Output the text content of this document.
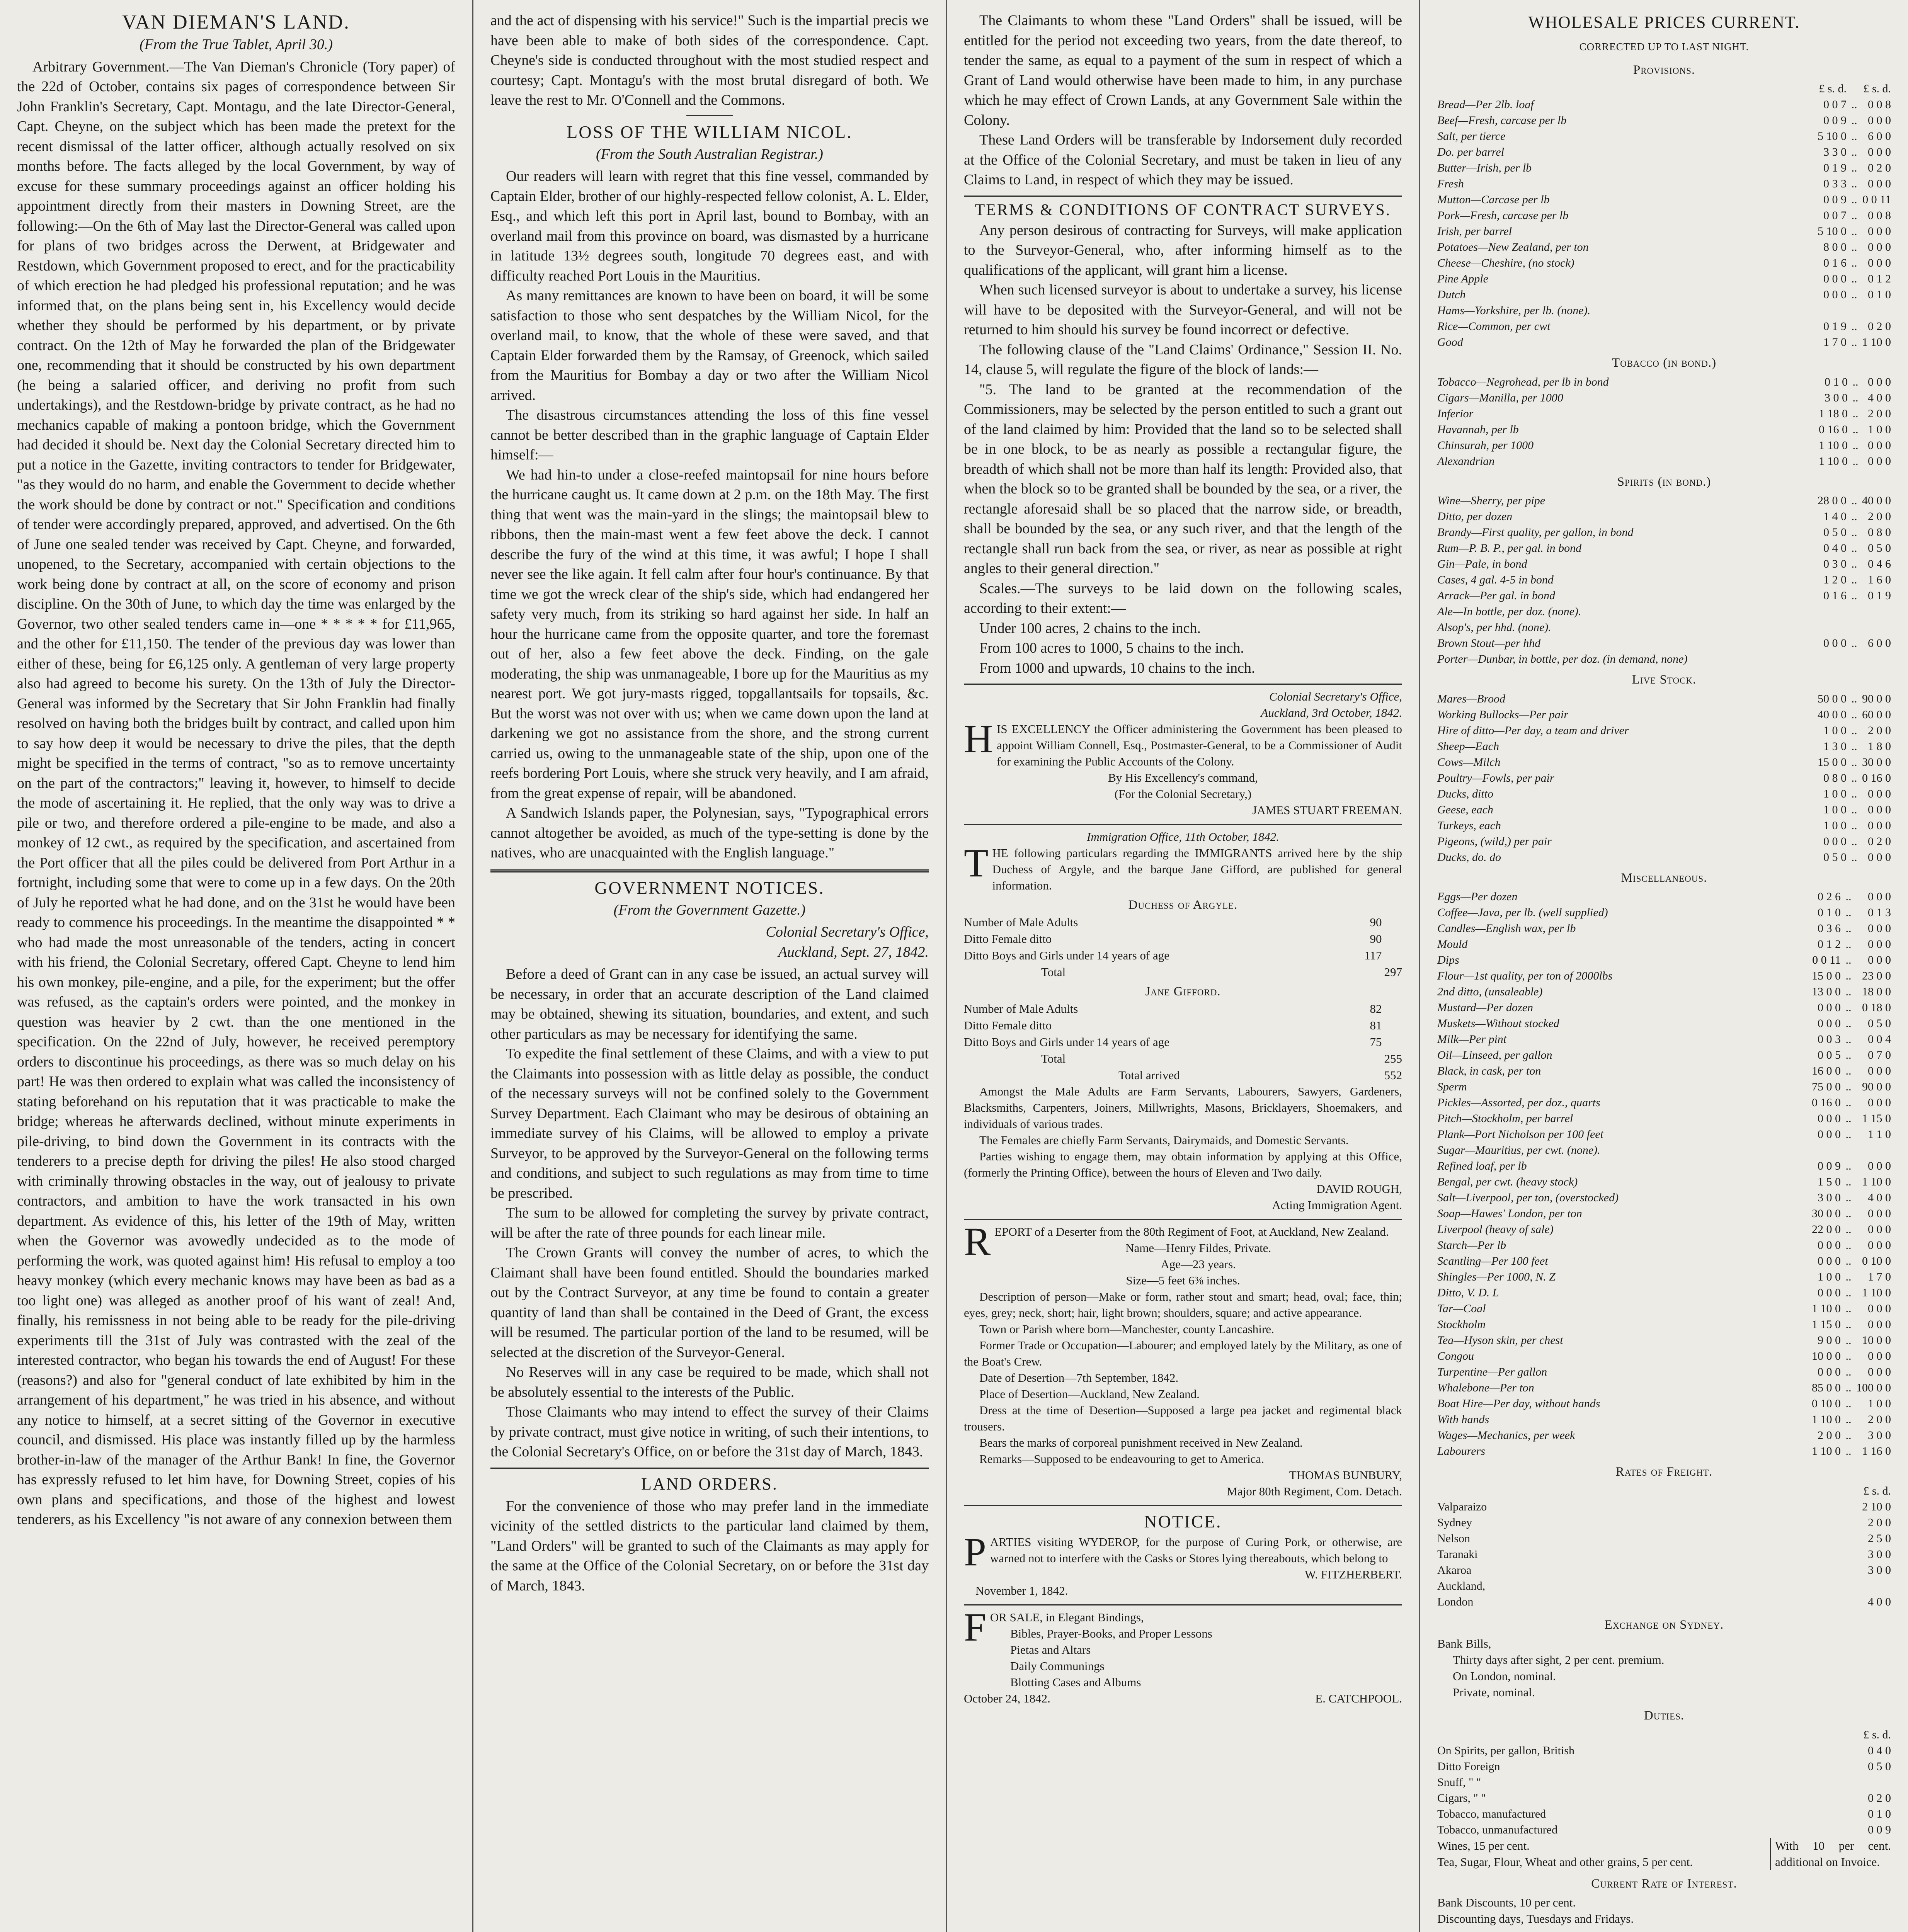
VAN DIEMAN'S LAND.
(From the True Tablet, April 30.)

Arbitrary Government.—The Van Dieman's Chronicle (Tory paper) of the 22d of October, contains six pages of correspondence between Sir John Franklin's Secretary, Capt. Montagu, and the late Director-General, Capt. Cheyne, on the subject which has been made the pretext for the recent dismissal of the latter officer, although actually resolved on six months before. The facts alleged by the local Government, by way of excuse for these summary proceedings against an officer holding his appointment directly from their masters in Downing Street, are the following:—On the 6th of May last the Director-General was called upon for plans of two bridges across the Derwent, at Bridgewater and Restdown, which Government proposed to erect, and for the practicability of which erection he had pledged his professional reputation; and he was informed that, on the plans being sent in, his Excellency would decide whether they should be performed by his department, or by private contract. On the 12th of May he forwarded the plan of the Bridgewater one, recommending that it should be constructed by his own department (he being a salaried officer, and deriving no profit from such undertakings), and the Restdown-bridge by private contract, as he had no mechanics capable of making a pontoon bridge, which the Government had decided it should be. Next day the Colonial Secretary directed him to put a notice in the Gazette, inviting contractors to tender for Bridgewater, "as they would do no harm, and enable the Government to decide whether the work should be done by contract or not." Specification and conditions of tender were accordingly prepared, approved, and advertised. On the 6th of June one sealed tender was received by Capt. Cheyne, and forwarded, unopened, to the Secretary, accompanied with certain objections to the work being done by contract at all, on the score of economy and prison discipline. On the 30th of June, to which day the time was enlarged by the Governor, two other sealed tenders came in—one * * * * * for £11,965, and the other for £11,150. The tender of the previous day was lower than either of these, being for £6,125 only. A gentleman of very large property also had agreed to become his surety. On the 13th of July the Director-General was informed by the Secretary that Sir John Franklin had finally resolved on having both the bridges built by contract, and called upon him to say how deep it would be necessary to drive the piles, that the depth might be specified in the terms of contract, "so as to remove uncertainty on the part of the contractors;" leaving it, however, to himself to decide the mode of ascertaining it. He replied, that the only way was to drive a pile or two, and therefore ordered a pile-engine to be made, and also a monkey of 12 cwt., as required by the specification, and ascertained from the Port officer that all the piles could be delivered from Port Arthur in a fortnight, including some that were to come up in a few days. On the 20th of July he reported what he had done, and on the 31st he would have been ready to commence his proceedings. In the meantime the disappointed * * who had made the most unreasonable of the tenders, acting in concert with his friend, the Colonial Secretary, offered Capt. Cheyne to lend him his own monkey, pile-engine, and a pile, for the experiment; but the offer was refused, as the captain's orders were pointed, and the monkey in question was heavier by 2 cwt. than the one mentioned in the specification. On the 22nd of July, however, he received peremptory orders to discontinue his proceedings, as there was so much delay on his part! He was then ordered to explain what was called the inconsistency of stating beforehand on his reputation that it was practicable to make the bridge; whereas he afterwards declined, without minute experiments in pile-driving, to bind down the Government in its contracts with the tenderers to a precise depth for driving the piles! He also stood charged with criminally throwing obstacles in the way, out of jealousy to private contractors, and ambition to have the work transacted in his own department. As evidence of this, his letter of the 19th of May, written when the Governor was avowedly undecided as to the mode of performing the work, was quoted against him! His refusal to employ a too heavy monkey (which every mechanic knows may have been as bad as a too light one) was alleged as another proof of his want of zeal! And, finally, his remissness in not being able to be ready for the pile-driving experiments till the 31st of July was contrasted with the zeal of the interested contractor, who began his towards the end of August! For these (reasons?) and also for "general conduct of late exhibited by him in the arrangement of his department," he was tried in his absence, and without any notice to himself, at a secret sitting of the Governor in executive council, and dismissed. His place was instantly filled up by the harmless brother-in-law of the manager of the Arthur Bank! In fine, the Governor has expressly refused to let him have, for Downing Street, copies of his own plans and specifications, and those of the highest and lowest tenderers, as his Excellency "is not aware of any connexion between them

and the act of dispensing with his service!" Such is the impartial precis we have been able to make of both sides of the correspondence. Capt. Cheyne's side is conducted throughout with the most studied respect and courtesy; Capt. Montagu's with the most brutal disregard of both. We leave the rest to Mr. O'Connell and the Commons.

LOSS OF THE WILLIAM NICOL.
(From the South Australian Registrar.)

Our readers will learn with regret that this fine vessel, commanded by Captain Elder, brother of our highly-respected fellow colonist, A. L. Elder, Esq., and which left this port in April last, bound to Bombay, with an overland mail from this province on board, was dismasted by a hurricane in latitude 13½ degrees south, longitude 70 degrees east, and with difficulty reached Port Louis in the Mauritius.

As many remittances are known to have been on board, it will be some satisfaction to those who sent despatches by the William Nicol, for the overland mail, to know, that the whole of these were saved, and that Captain Elder forwarded them by the Ramsay, of Greenock, which sailed from the Mauritius for Bombay a day or two after the William Nicol arrived.

The disastrous circumstances attending the loss of this fine vessel cannot be better described than in the graphic language of Captain Elder himself:—

We had hin-to under a close-reefed maintopsail for nine hours before the hurricane caught us. It came down at 2 p.m. on the 18th May. The first thing that went was the main-yard in the slings; the maintopsail blew to ribbons, then the main-mast went a few feet above the deck. I cannot describe the fury of the wind at this time, it was awful; I hope I shall never see the like again. It fell calm after four hour's continuance. By that time we got the wreck clear of the ship's side, which had endangered her safety very much, from its striking so hard against her side. In half an hour the hurricane came from the opposite quarter, and tore the foremast out of her, also a few feet above the deck. Finding, on the gale moderating, the ship was unmanageable, I bore up for the Mauritius as my nearest port. We got jury-masts rigged, topgallantsails for topsails, &c. But the worst was not over with us; when we came down upon the land at darkening we got no assistance from the shore, and the strong current carried us, owing to the unmanageable state of the ship, upon one of the reefs bordering Port Louis, where she struck very heavily, and I am afraid, from the great expense of repair, will be abandoned.

A Sandwich Islands paper, the Polynesian, says, "Typographical errors cannot altogether be avoided, as much of the type-setting is done by the natives, who are unacquainted with the English language."

GOVERNMENT NOTICES.
(From the Government Gazette.)
Colonial Secretary's Office,
Auckland, Sept. 27, 1842.

Before a deed of Grant can in any case be issued, an actual survey will be necessary, in order that an accurate description of the Land claimed may be obtained, shewing its situation, boundaries, and extent, and such other particulars as may be necessary for identifying the same.

To expedite the final settlement of these Claims, and with a view to put the Claimants into possession with as little delay as possible, the conduct of the necessary surveys will not be confined solely to the Government Survey Department. Each Claimant who may be desirous of obtaining an immediate survey of his Claims, will be allowed to employ a private Surveyor, to be approved by the Surveyor-General on the following terms and conditions, and subject to such regulations as may from time to time be prescribed.

The sum to be allowed for completing the survey by private contract, will be after the rate of three pounds for each linear mile.

The Crown Grants will convey the number of acres, to which the Claimant shall have been found entitled. Should the boundaries marked out by the Contract Surveyor, at any time be found to contain a greater quantity of land than shall be contained in the Deed of Grant, the excess will be resumed. The particular portion of the land to be resumed, will be selected at the discretion of the Surveyor-General.

No Reserves will in any case be required to be made, which shall not be absolutely essential to the interests of the Public.

Those Claimants who may intend to effect the survey of their Claims by private contract, must give notice in writing, of such their intentions, to the Colonial Secretary's Office, on or before the 31st day of March, 1843.

LAND ORDERS.

For the convenience of those who may prefer land in the immediate vicinity of the settled districts to the particular land claimed by them, "Land Orders" will be granted to such of the Claimants as may apply for the same at the Office of the Colonial Secretary, on or before the 31st day of March, 1843.

The Claimants to whom these "Land Orders" shall be issued, will be entitled for the period not exceeding two years, from the date thereof, to tender the same, as equal to a payment of the sum in respect of which a Grant of Land would otherwise have been made to him, in any purchase which he may effect of Crown Lands, at any Government Sale within the Colony.

These Land Orders will be transferable by Indorsement duly recorded at the Office of the Colonial Secretary, and must be taken in lieu of any Claims to Land, in respect of which they may be issued.

TERMS & CONDITIONS OF CONTRACT SURVEYS.

Any person desirous of contracting for Surveys, will make application to the Surveyor-General, who, after informing himself as to the qualifications of the applicant, will grant him a license.

When such licensed surveyor is about to undertake a survey, his license will have to be deposited with the Surveyor-General, and will not be returned to him should his survey be found incorrect or defective.

The following clause of the "Land Claims' Ordinance," Session II. No. 14, clause 5, will regulate the figure of the block of lands:—

"5. The land to be granted at the recommendation of the Commissioners, may be selected by the person entitled to such a grant out of the land claimed by him: Provided that the land so to be selected shall be in one block, to be as nearly as possible a rectangular figure, the breadth of which shall not be more than half its length: Provided also, that when the block so to be granted shall be bounded by the sea, or a river, the rectangle aforesaid shall be so placed that the narrow side, or breadth, shall be bounded by the sea, or any such river, and that the length of the rectangle shall run back from the sea, or river, as near as possible at right angles to their general direction."

Scales.—The surveys to be laid down on the following scales, according to their extent:—

Under 100 acres, 2 chains to the inch.

From 100 acres to 1000, 5 chains to the inch.

From 1000 and upwards, 10 chains to the inch.

Colonial Secretary's Office,
Auckland, 3rd October, 1842.

HIS EXCELLENCY the Officer administering the Government has been pleased to appoint William Connell, Esq., Postmaster-General, to be a Commissioner of Audit for examining the Public Accounts of the Colony.

By His Excellency's command,
(For the Colonial Secretary,)
JAMES STUART FREEMAN.
Immigration Office, 11th October, 1842.

THE following particulars regarding the IMMIGRANTS arrived here by the ship Duchess of Argyle, and the barque Jane Gifford, are published for general information.

Duchess of Argyle.
Number of Male Adults	90	
Ditto Female ditto	90	
Ditto Boys and Girls under 14 years of age	117	
Total		297
Jane Gifford.
Number of Male Adults	82	
Ditto Female ditto	81	
Ditto Boys and Girls under 14 years of age	75	
Total		255
Total arrived		552

Amongst the Male Adults are Farm Servants, Labourers, Sawyers, Gardeners, Blacksmiths, Carpenters, Joiners, Millwrights, Masons, Bricklayers, Shoemakers, and individuals of various trades.

The Females are chiefly Farm Servants, Dairymaids, and Domestic Servants.

Parties wishing to engage them, may obtain information by applying at this Office, (formerly the Printing Office), between the hours of Eleven and Two daily.

DAVID ROUGH,
Acting Immigration Agent.

REPORT of a Deserter from the 80th Regiment of Foot, at Auckland, New Zealand.

Name—Henry Fildes, Private.
Age—23 years.
Size—5 feet 6⅜ inches.

Description of person—Make or form, rather stout and smart; head, oval; face, thin; eyes, grey; neck, short; hair, light brown; shoulders, square; and active appearance.

Town or Parish where born—Manchester, county Lancashire.

Former Trade or Occupation—Labourer; and employed lately by the Military, as one of the Boat's Crew.

Date of Desertion—7th September, 1842.

Place of Desertion—Auckland, New Zealand.

Dress at the time of Desertion—Supposed a large pea jacket and regimental black trousers.

Bears the marks of corporeal punishment received in New Zealand.

Remarks—Supposed to be endeavouring to get to America.

THOMAS BUNBURY,
Major 80th Regiment, Com. Detach.
NOTICE.

PARTIES visiting WYDEROP, for the purpose of Curing Pork, or otherwise, are warned not to interfere with the Casks or Stores lying thereabouts, which belong to

W. FITZHERBERT.
November 1, 1842.

FOR SALE, in Elegant Bindings,

Bibles, Prayer-Books, and Proper Lessons
Pietas and Altars
Daily Communings
Blotting Cases and Albums
October 24, 1842.	E. CATCHPOOL.
WHOLESALE PRICES CURRENT.
CORRECTED UP TO LAST NIGHT.
Provisions.
	£ s. d.		£ s. d.
Bread—Per 2lb. loaf	0 0 7	..	0 0 8
Beef—Fresh, carcase per lb	0 0 9	..	0 0 0
Salt, per tierce	5 10 0	..	6 0 0
Do. per barrel	3 3 0	..	0 0 0
Butter—Irish, per lb	0 1 9	..	0 2 0
Fresh	0 3 3	..	0 0 0
Mutton—Carcase per lb	0 0 9	..	0 0 11
Pork—Fresh, carcase per lb	0 0 7	..	0 0 8
Irish, per barrel	5 10 0	..	0 0 0
Potatoes—New Zealand, per ton	8 0 0	..	0 0 0
Cheese—Cheshire, (no stock)	0 1 6	..	0 0 0
Pine Apple	0 0 0	..	0 1 2
Dutch	0 0 0	..	0 1 0
Hams—Yorkshire, per lb. (none).			
Rice—Common, per cwt	0 1 9	..	0 2 0
Good	1 7 0	..	1 10 0
Tobacco (in bond.)
Tobacco—Negrohead, per lb in bond	0 1 0	..	0 0 0
Cigars—Manilla, per 1000	3 0 0	..	4 0 0
Inferior	1 18 0	..	2 0 0
Havannah, per lb	0 16 0	..	1 0 0
Chinsurah, per 1000	1 10 0	..	0 0 0
Alexandrian	1 10 0	..	0 0 0
Spirits (in bond.)
Wine—Sherry, per pipe	28 0 0	..	40 0 0
Ditto, per dozen	1 4 0	..	2 0 0
Brandy—First quality, per gallon, in bond	0 5 0	..	0 8 0
Rum—P. B. P., per gal. in bond	0 4 0	..	0 5 0
Gin—Pale, in bond	0 3 0	..	0 4 6
Cases, 4 gal. 4-5 in bond	1 2 0	..	1 6 0
Arrack—Per gal. in bond	0 1 6	..	0 1 9
Ale—In bottle, per doz. (none).			
Alsop's, per hhd. (none).			
Brown Stout—per hhd	0 0 0	..	6 0 0
Porter—Dunbar, in bottle, per doz. (in demand, none)			
Live Stock.
Mares—Brood	50 0 0	..	90 0 0
Working Bullocks—Per pair	40 0 0	..	60 0 0
Hire of ditto—Per day, a team and driver	1 0 0	..	2 0 0
Sheep—Each	1 3 0	..	1 8 0
Cows—Milch	15 0 0	..	30 0 0
Poultry—Fowls, per pair	0 8 0	..	0 16 0
Ducks, ditto	1 0 0	..	0 0 0
Geese, each	1 0 0	..	0 0 0
Turkeys, each	1 0 0	..	0 0 0
Pigeons, (wild,) per pair	0 0 0	..	0 2 0
Ducks, do. do	0 5 0	..	0 0 0
Miscellaneous.
Eggs—Per dozen	0 2 6	..	0 0 0
Coffee—Java, per lb. (well supplied)	0 1 0	..	0 1 3
Candles—English wax, per lb	0 3 6	..	0 0 0
Mould	0 1 2	..	0 0 0
Dips	0 0 11	..	0 0 0
Flour—1st quality, per ton of 2000lbs	15 0 0	..	23 0 0
2nd ditto, (unsaleable)	13 0 0	..	18 0 0
Mustard—Per dozen	0 0 0	..	0 18 0
Muskets—Without stocked	0 0 0	..	0 5 0
Milk—Per pint	0 0 3	..	0 0 4
Oil—Linseed, per gallon	0 0 5	..	0 7 0
Black, in cask, per ton	16 0 0	..	0 0 0
Sperm	75 0 0	..	90 0 0
Pickles—Assorted, per doz., quarts	0 16 0	..	0 0 0
Pitch—Stockholm, per barrel	0 0 0	..	1 15 0
Plank—Port Nicholson per 100 feet	0 0 0	..	1 1 0
Sugar—Mauritius, per cwt. (none).			
Refined loaf, per lb	0 0 9	..	0 0 0
Bengal, per cwt. (heavy stock)	1 5 0	..	1 10 0
Salt—Liverpool, per ton, (overstocked)	3 0 0	..	4 0 0
Soap—Hawes' London, per ton	30 0 0	..	0 0 0
Liverpool (heavy of sale)	22 0 0	..	0 0 0
Starch—Per lb	0 0 0	..	0 0 0
Scantling—Per 100 feet	0 0 0	..	0 10 0
Shingles—Per 1000, N. Z	1 0 0	..	1 7 0
Ditto, V. D. L	0 0 0	..	1 10 0
Tar—Coal	1 10 0	..	0 0 0
Stockholm	1 15 0	..	0 0 0
Tea—Hyson skin, per chest	9 0 0	..	10 0 0
Congou	10 0 0	..	0 0 0
Turpentine—Per gallon	0 0 0	..	0 0 0
Whalebone—Per ton	85 0 0	..	100 0 0
Boat Hire—Per day, without hands	0 10 0	..	1 0 0
With hands	1 10 0	..	2 0 0
Wages—Mechanics, per week	2 0 0	..	3 0 0
Labourers	1 10 0	..	1 16 0
Rates of Freight.
	£ s. d.
Valparaizo	2 10 0
Sydney	2 0 0
Nelson	2 5 0
Taranaki	3 0 0
Akaroa	3 0 0
Auckland,	
London	4 0 0
Exchange on Sydney.
Bank Bills,
Thirty days after sight, 2 per cent. premium.
On London, nominal.
Private, nominal.
Duties.
	£ s. d.
On Spirits, per gallon, British	0 4 0
Ditto Foreign	0 5 0
Snuff, " "	
Cigars, " "	0 2 0
Tobacco, manufactured	0 1 0
Tobacco, unmanufactured	0 0 9
Wines, 15 per cent.
Tea, Sugar, Flour, Wheat and other grains, 5 per cent.
With 10 per cent. additional on Invoice.
Current Rate of Interest.
Bank Discounts, 10 per cent.
Discounting days, Tuesdays and Fridays.
